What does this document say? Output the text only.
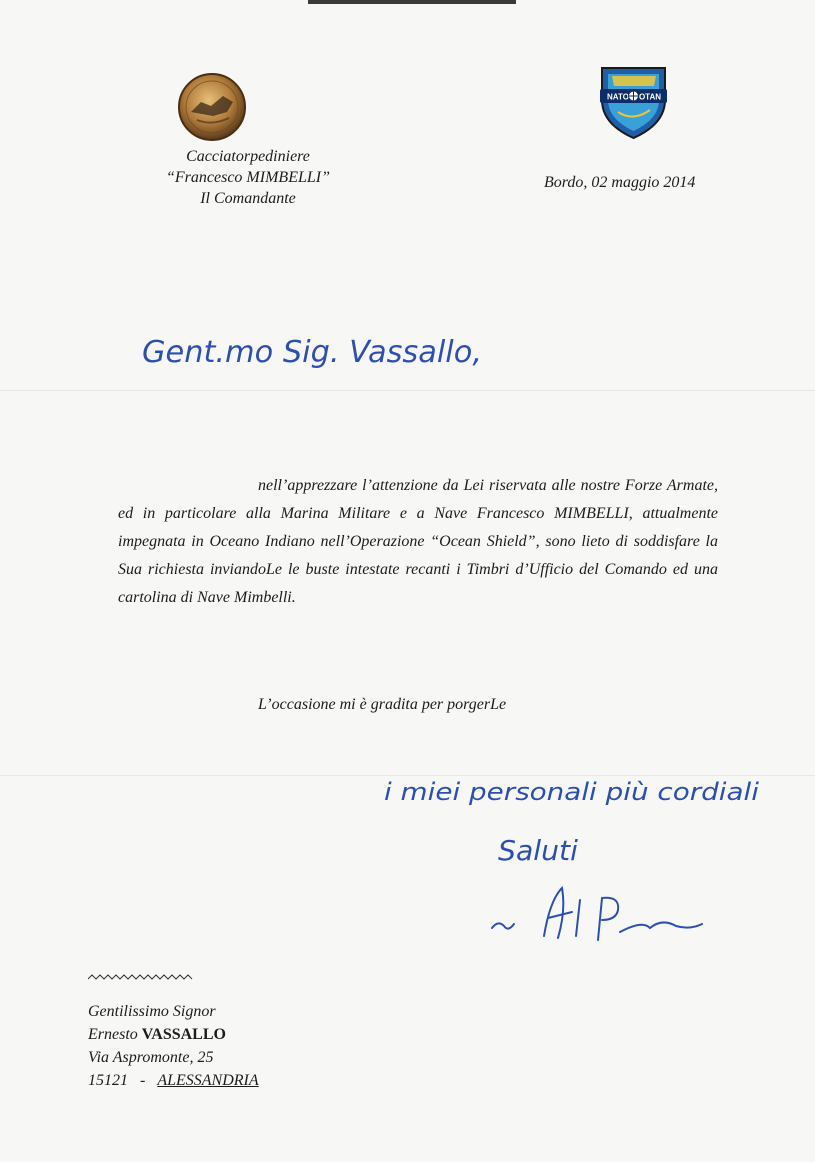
NATO OTAN
Cacciatorpediniere
“Francesco MIMBELLI”
Il Comandante
Bordo, 02 maggio 2014
Gent.mo Sig. Vassallo,
nell’apprezzare l’attenzione da Lei riservata alle nostre Forze Armate, ed in particolare alla Marina Militare e a Nave Francesco MIMBELLI, attualmente impegnata in Oceano Indiano nell’Operazione “Ocean Shield”, sono lieto di soddisfare la Sua richiesta inviandoLe le buste intestate recanti i Timbri d’Ufficio del Comando ed una cartolina di Nave Mimbelli.
L’occasione mi è gradita per porgerLe
i miei personali più cordiali
Saluti
Gentilissimo Signor
Ernesto VASSALLO
Via Aspromonte, 25
15121 - ALESSANDRIA
